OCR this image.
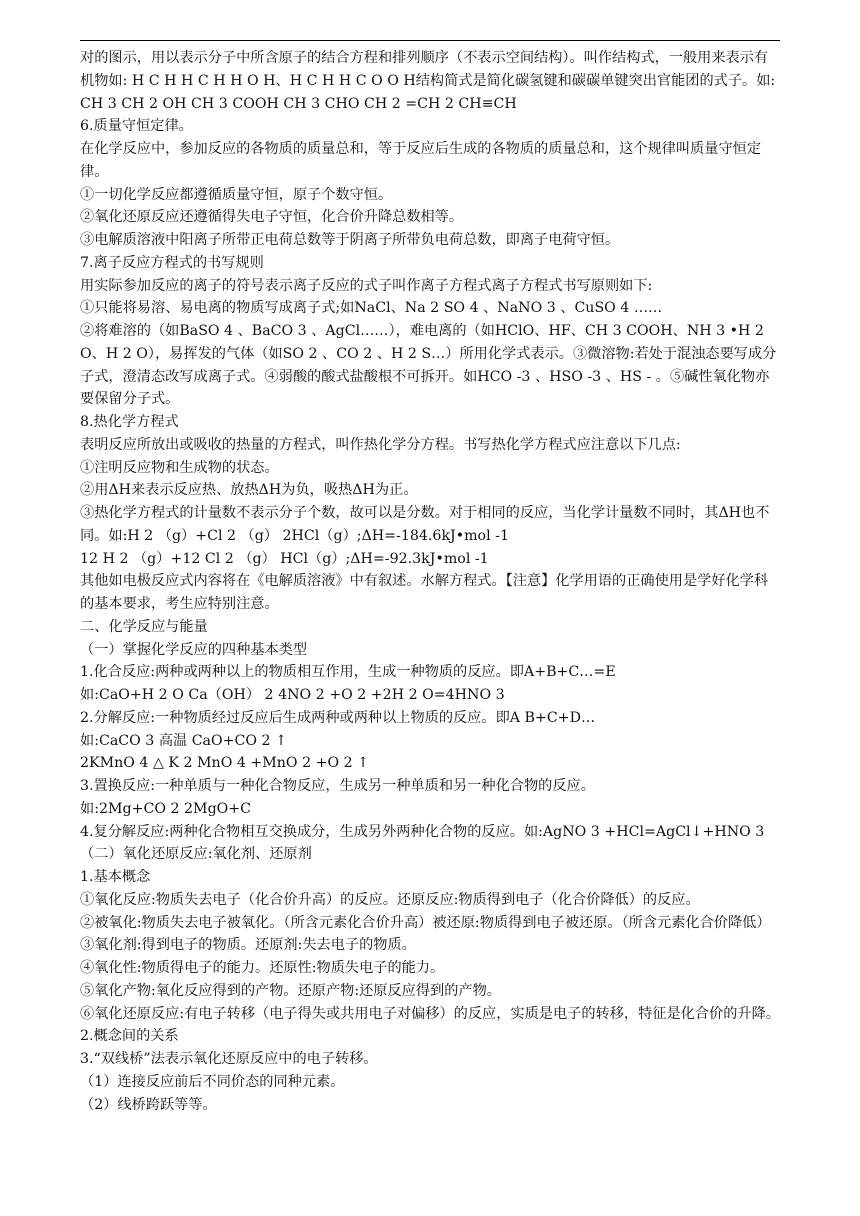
对的图示，用以表示分子中所含原子的结合方程和排列顺序（不表示空间结构）。叫作结构式，一般用来表示有机物如: H C H H C H H O H、H C H H C O O H结构简式是简化碳氢键和碳碳单键突出官能团的式子。如:CH 3 CH 2 OH CH 3 COOH CH 3 CHO CH 2 =CH 2 CH≡CH

6.质量守恒定律。

在化学反应中，参加反应的各物质的质量总和，等于反应后生成的各物质的质量总和，这个规律叫质量守恒定律。

①一切化学反应都遵循质量守恒，原子个数守恒。

②氧化还原反应还遵循得失电子守恒，化合价升降总数相等。

③电解质溶液中阳离子所带正电荷总数等于阴离子所带负电荷总数，即离子电荷守恒。

7.离子反应方程式的书写规则

用实际参加反应的离子的符号表示离子反应的式子叫作离子方程式离子方程式书写原则如下:

①只能将易溶、易电离的物质写成离子式;如NaCl、Na 2 SO 4 、NaNO 3 、CuSO 4 ……

②将难溶的（如BaSO 4 、BaCO 3 、AgCl……），难电离的（如HClO、HF、CH 3 COOH、NH 3 •H 2 O、H 2 O），易挥发的气体（如SO 2 、CO 2 、H 2 S…）所用化学式表示。③微溶物:若处于混浊态要写成分子式，澄清态改写成离子式。④弱酸的酸式盐酸根不可拆开。如HCO -3 、HSO -3 、HS - 。⑤碱性氧化物亦要保留分子式。

8.热化学方程式

表明反应所放出或吸收的热量的方程式，叫作热化学分方程。书写热化学方程式应注意以下几点:

①注明反应物和生成物的状态。

②用ΔH来表示反应热、放热ΔH为负，吸热ΔH为正。

③热化学方程式的计量数不表示分子个数，故可以是分数。对于相同的反应，当化学计量数不同时，其ΔH也不同。如:H 2 （g）+Cl 2 （g） 2HCl（g）;ΔH=-184.6kJ•mol -1

12 H 2 （g）+12 Cl 2 （g） HCl（g）;ΔH=-92.3kJ•mol -1

其他如电极反应式内容将在《电解质溶液》中有叙述。水解方程式。【注意】化学用语的正确使用是学好化学科的基本要求，考生应特别注意。

二、化学反应与能量

（一）掌握化学反应的四种基本类型

1.化合反应:两种或两种以上的物质相互作用，生成一种物质的反应。即A+B+C…=E

如:CaO+H 2 O Ca（OH） 2 4NO 2 +O 2 +2H 2 O=4HNO 3

2.分解反应:一种物质经过反应后生成两种或两种以上物质的反应。即A B+C+D…

如:CaCO 3 高温 CaO+CO 2 ↑

2KMnO 4 △ K 2 MnO 4 +MnO 2 +O 2 ↑

3.置换反应:一种单质与一种化合物反应，生成另一种单质和另一种化合物的反应。

如:2Mg+CO 2 2MgO+C

4.复分解反应:两种化合物相互交换成分，生成另外两种化合物的反应。如:AgNO 3 +HCl=AgCl↓+HNO 3

（二）氧化还原反应:氧化剂、还原剂

1.基本概念

①氧化反应:物质失去电子（化合价升高）的反应。还原反应:物质得到电子（化合价降低）的反应。

②被氧化:物质失去电子被氧化。（所含元素化合价升高）被还原:物质得到电子被还原。（所含元素化合价降低）

③氧化剂:得到电子的物质。还原剂:失去电子的物质。

④氧化性:物质得电子的能力。还原性:物质失电子的能力。

⑤氧化产物:氧化反应得到的产物。还原产物:还原反应得到的产物。

⑥氧化还原反应:有电子转移（电子得失或共用电子对偏移）的反应，实质是电子的转移，特征是化合价的升降。

2.概念间的关系

3.“双线桥”法表示氧化还原反应中的电子转移。

（1）连接反应前后不同价态的同种元素。

（2）线桥跨跃等等。
